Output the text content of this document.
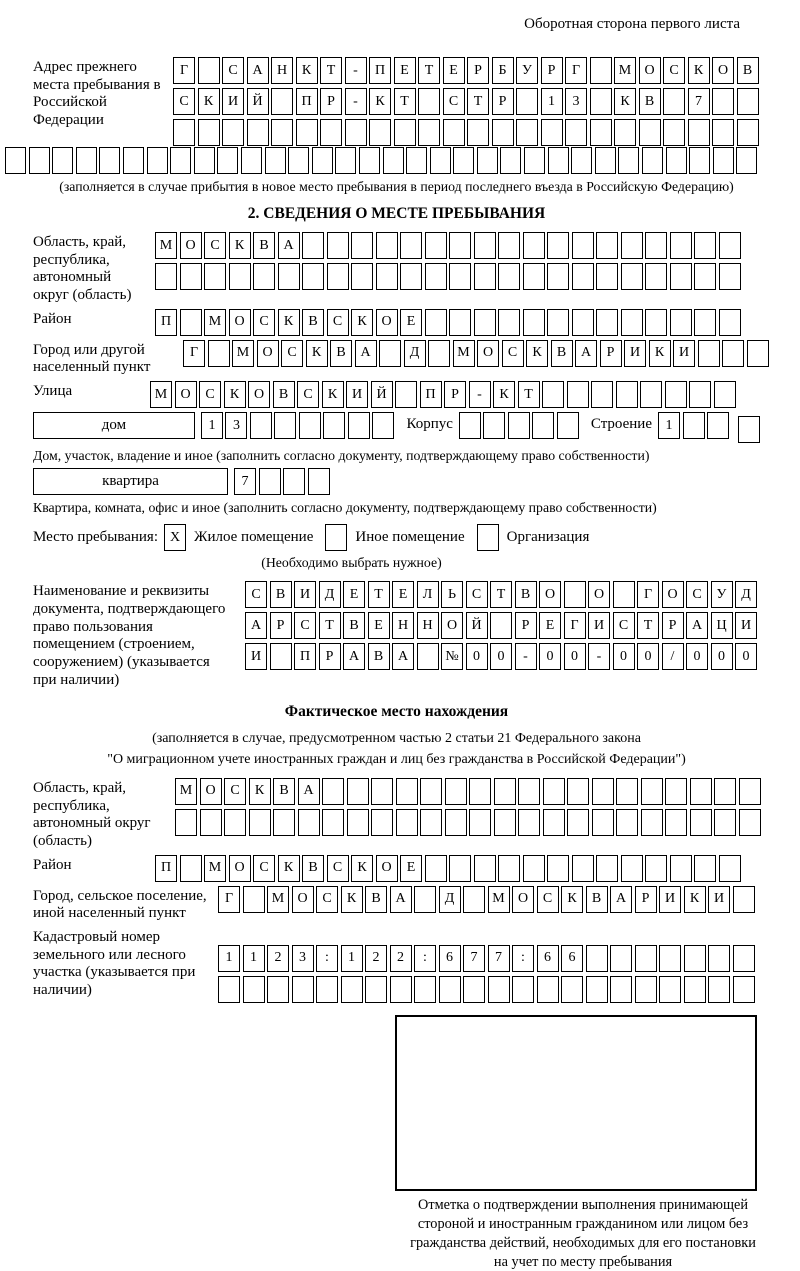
Оборотная сторона первого листа
Адрес прежнего места пребывания в Российской Федерации
Г	С	А	Н	К	Т	-	П	Е	Т	Е	Р	Б	У	Р	Г	М О	С	К	О	В
С	К	И	Й	П	Р	-	К	Т	С	Т	Р	1	3	К	В	7
(заполняется в случае прибытия в новое место пребывания в период последнего въезда в Российскую Федерацию)
2. СВЕДЕНИЯ О МЕСТЕ ПРЕБЫВАНИЯ
Область, край, республика, автономный округ (область)
М О	С	К	В	А
Район	П	М О	С	К	В	С	К	О	Е
Город или другой населенный пункт
Г	М О	С	К	В	А	Д	М О	С	К	В	А	Р	И	К	И
Улица	М О	С	К	О	В	С	К	И	Й	П	Р	-	К	Т
дом	1	3	Корпус	Строение 1
Дом, участок, владение и иное (заполнить согласно документу, подтверждающему право собственности)
квартира	7
Квартира, комната, офис и иное (заполнить согласно документу, подтверждающему право собственности)
Место пребывания: X Жилое помещение	Иное помещение	Организация
(Необходимо выбрать нужное)
Наименование и реквизиты документа, подтверждающего право пользования помещением (строением, сооружением) (указывается при наличии)
С	В	И	Д	Е	Т	Е	Л	Ь	С	Т	В	О	О	Г	О	С	У	Д
А	Р	С	Т	В	Е	Н	Н	О	Й	Р	Е	Г	И	С	Т	Р	А	Ц	И
И	П	Р	А	В	А	№	0	0	-	0	0	-	0	0	/	0	0	0
Фактическое место нахождения
(заполняется в случае, предусмотренном частью 2 статьи 21 Федерального закона
"О миграционном учете иностранных граждан и лиц без гражданства в Российской Федерации")
Область, край, республика, автономный округ (область)
М О	С	К	В	А
Район	П	М О	С	К	В	С	К	О	Е
Город, сельское поселение, иной населенный пункт
Г	М О	С	К	В	А	Д	М О	С	К	В	А	Р	И	К	И
Кадастровый номер земельного или лесного участка (указывается при наличии)
1	1	2	3	:	1	2	2	:	6	7	7	:	6	6
Отметка о подтверждении выполнения принимающей
стороной и иностранным гражданином или лицом без
гражданства действий, необходимых для его постановки
на учет по месту пребывания
